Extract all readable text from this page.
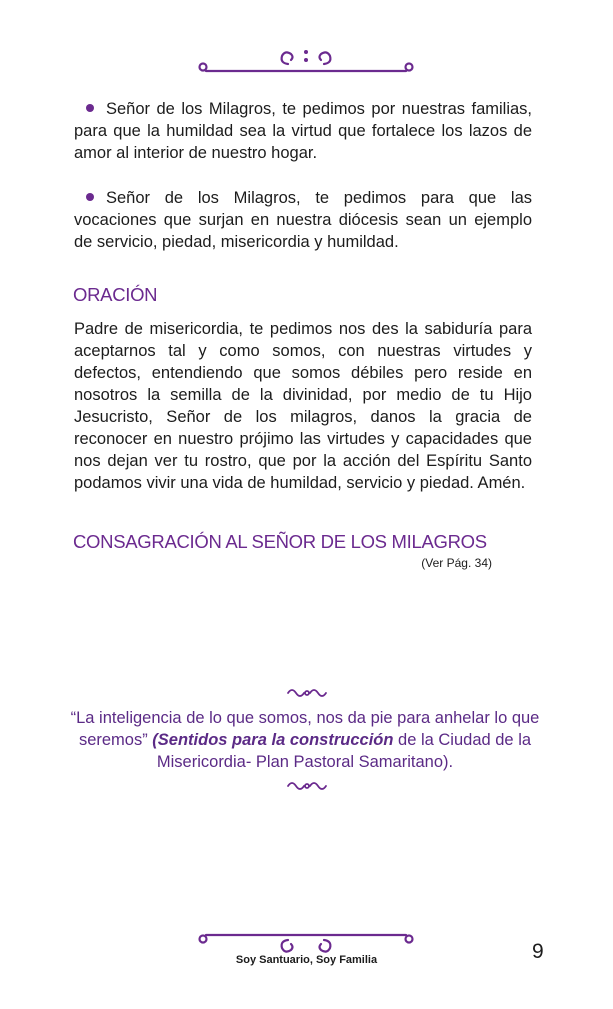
Señor de los Milagros, te pedimos por nuestras familias, para que la humildad sea la virtud que fortalece los lazos de amor al interior de nuestro hogar.
Señor de los Milagros, te pedimos para que las vocaciones que surjan en nuestra diócesis sean un ejemplo de servicio, piedad, misericordia y humildad.
ORACIÓN
Padre de misericordia, te pedimos nos des la sabiduría para aceptarnos tal y como somos, con nuestras virtudes y defectos, entendiendo que somos débiles pero reside en nosotros la semilla de la divinidad, por medio de tu Hijo Jesucristo, Señor de los milagros, danos la gracia de reconocer en nuestro prójimo las virtudes y capacidades que nos dejan ver tu rostro, que por la acción del Espíritu Santo podamos vivir una vida de humildad, servicio y piedad. Amén.
CONSAGRACIÓN AL SEÑOR DE LOS MILAGROS
(Ver Pág. 34)
“La inteligencia de lo que somos, nos da pie para anhelar lo que seremos” (Sentidos para la construcción de la Ciudad de la Misericordia- Plan Pastoral Samaritano).
Soy Santuario, Soy Familia	9
